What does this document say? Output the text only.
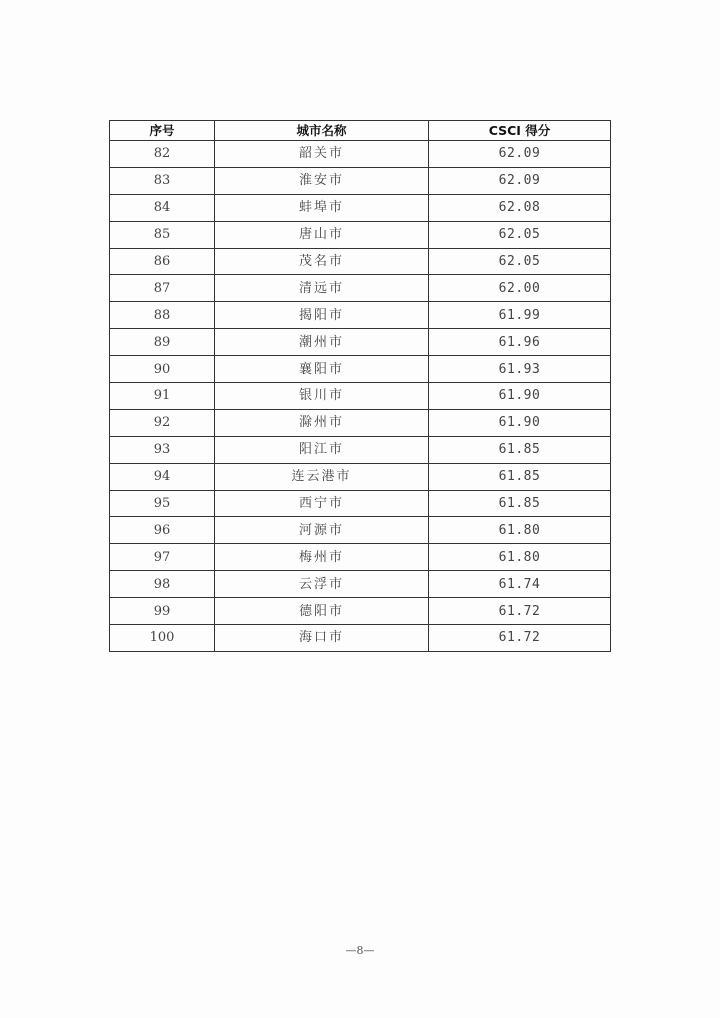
序号	城市名称	CSCI 得分
82	韶关市	62.09
83	淮安市	62.09
84	蚌埠市	62.08
85	唐山市	62.05
86	茂名市	62.05
87	清远市	62.00
88	揭阳市	61.99
89	潮州市	61.96
90	襄阳市	61.93
91	银川市	61.90
92	滁州市	61.90
93	阳江市	61.85
94	连云港市	61.85
95	西宁市	61.85
96	河源市	61.80
97	梅州市	61.80
98	云浮市	61.74
99	德阳市	61.72
100	海口市	61.72
—8—
